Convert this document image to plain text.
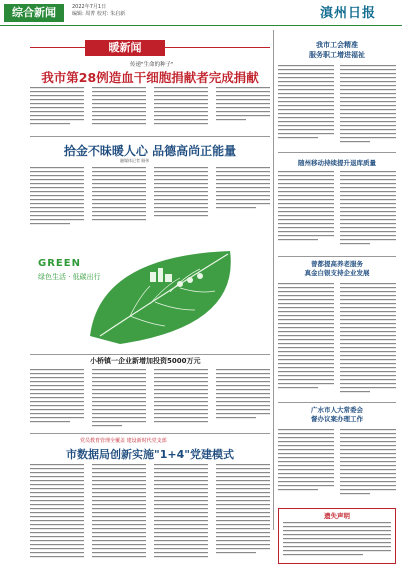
综合新闻	2022年7月1日
编辑: 周菁 校对: 朱启新	滇州日报
暖新闻
传递"生命的种子"
我市第28例造血干细胞捐献者完成捐献
拾金不昧暖人心 品德高尚正能量
融媒体记者 顾伟
GREEN
绿色生活 · 低碳出行
小桥镇一企业新增加投资5000万元
党员教育管理全覆盖 建设新时代党支部
市数据局创新实施"1+4"党建模式
我市工会精准
服务职工增进福祉
随州移动持续提升退库质量
曾都提高养老服务
真金白银支持企业发展
广水市人大常委会
督办议案办理工作
遗失声明
